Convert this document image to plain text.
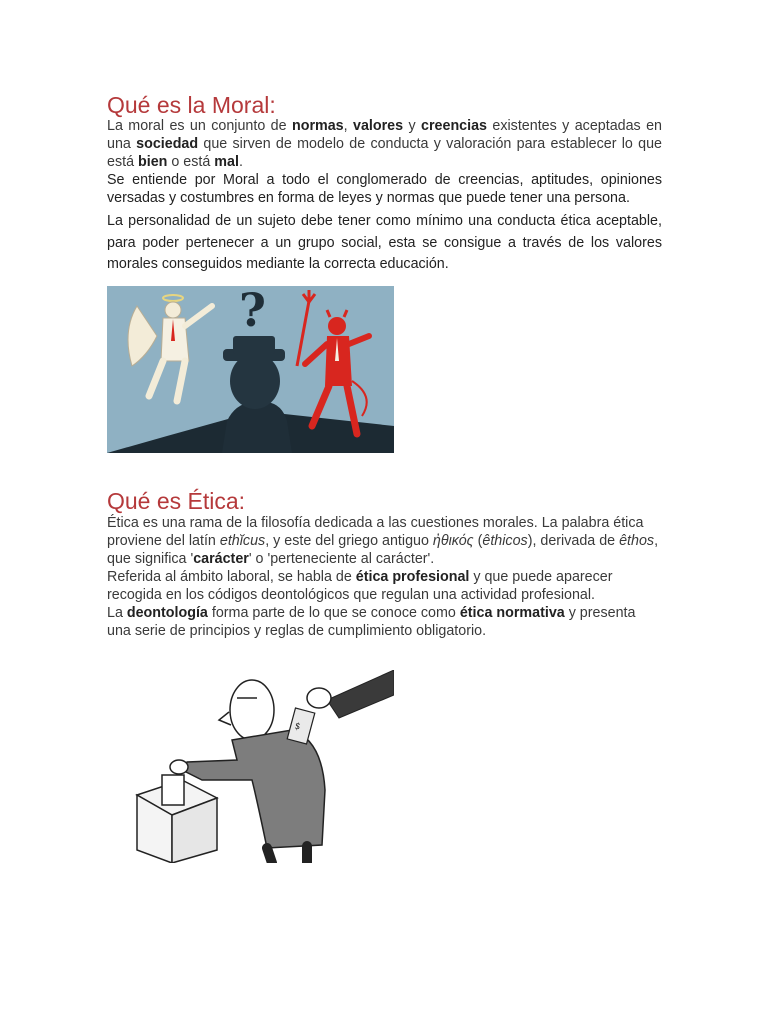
Qué es la Moral:

La moral es un conjunto de normas, valores y creencias existentes y aceptadas en una sociedad que sirven de modelo de conducta y valoración para establecer lo que está bien o está mal.

Se entiende por Moral a todo el conglomerado de creencias, aptitudes, opiniones versadas y costumbres en forma de leyes y normas que puede tener una persona.

La personalidad de un sujeto debe tener como mínimo una conducta ética aceptable, para poder pertenecer a un grupo social, esta se consigue a través de los valores morales conseguidos mediante la correcta educación.

?
Qué es Ética:

Ética es una rama de la filosofía dedicada a las cuestiones morales. La palabra ética proviene del latín ethĭcus, y este del griego antiguo ἠθικός (êthicos), derivada de êthos, que significa 'carácter' o 'perteneciente al carácter'.

Referida al ámbito laboral, se habla de ética profesional y que puede aparecer recogida en los códigos deontológicos que regulan una actividad profesional.

La deontología forma parte de lo que se conoce como ética normativa y presenta una serie de principios y reglas de cumplimiento obligatorio.

$
